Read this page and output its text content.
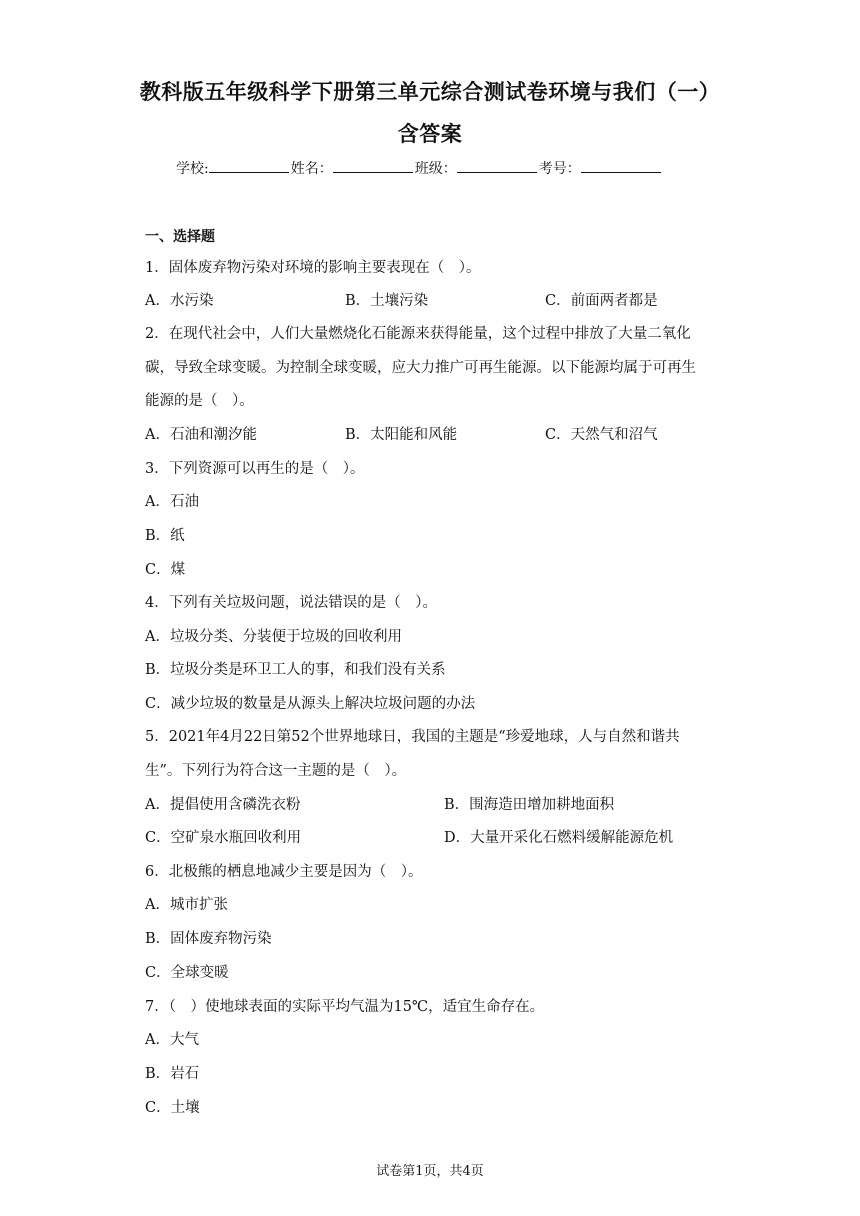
教科版五年级科学下册第三单元综合测试卷环境与我们（一）
含答案
学校:	姓名：	班级：	考号：
一、选择题
1．固体废弃物污染对环境的影响主要表现在（　）。
A．水污染	B．土壤污染	C．前面两者都是
2．在现代社会中，人们大量燃烧化石能源来获得能量，这个过程中排放了大量二氧化
碳，导致全球变暖。为控制全球变暖，应大力推广可再生能源。以下能源均属于可再生
能源的是（　）。
A．石油和潮汐能	B．太阳能和风能	C．天然气和沼气
3．下列资源可以再生的是（　）。
A．石油
B．纸
C．煤
4．下列有关垃圾问题，说法错误的是（　）。
A．垃圾分类、分装便于垃圾的回收利用
B．垃圾分类是环卫工人的事，和我们没有关系
C．减少垃圾的数量是从源头上解决垃圾问题的办法
5．2021年4月22日第52个世界地球日，我国的主题是“珍爱地球，人与自然和谐共
生”。下列行为符合这一主题的是（　）。
A．提倡使用含磷洗衣粉	B．围海造田增加耕地面积
C．空矿泉水瓶回收利用	D．大量开采化石燃料缓解能源危机
6．北极熊的栖息地减少主要是因为（　）。
A．城市扩张
B．固体废弃物污染
C．全球变暖
7．（　）使地球表面的实际平均气温为15℃，适宜生命存在。
A．大气
B．岩石
C．土壤
试卷第1页，共4页
